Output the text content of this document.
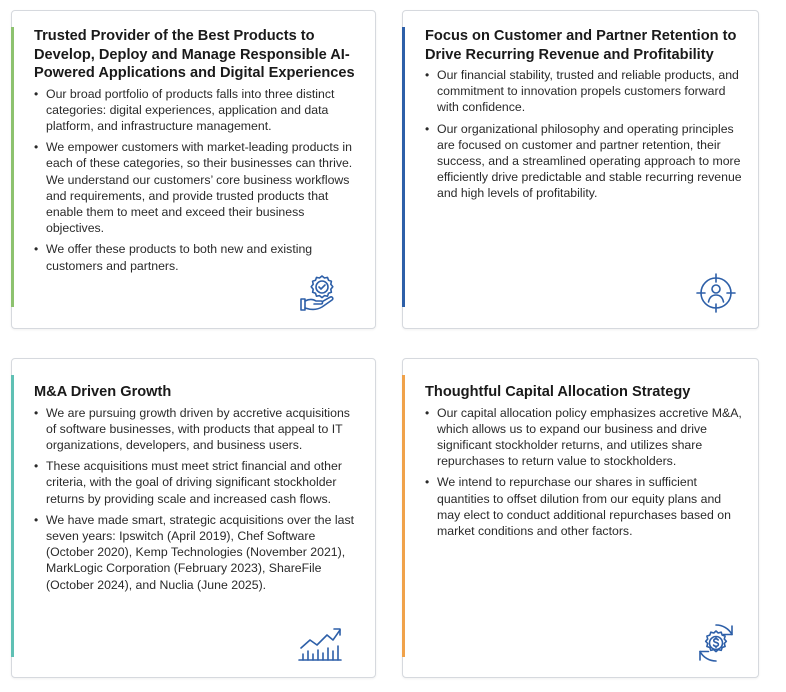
Trusted Provider of the Best Products to Develop, Deploy and Manage Responsible AI-Powered Applications and Digital Experiences
• Our broad portfolio of products falls into three distinct categories: digital experiences, application and data platform, and infrastructure management.
• We empower customers with market-leading products in each of these categories, so their businesses can thrive. We understand our customers’ core business workflows and requirements, and provide trusted products that enable them to meet and exceed their business objectives.
• We offer these products to both new and existing customers and partners.
Focus on Customer and Partner Retention to Drive Recurring Revenue and Profitability
• Our financial stability, trusted and reliable products, and commitment to innovation propels customers forward with confidence.
• Our organizational philosophy and operating principles are focused on customer and partner retention, their success, and a streamlined operating approach to more efficiently drive predictable and stable recurring revenue and high levels of profitability.
M&A Driven Growth
• We are pursuing growth driven by accretive acquisitions of software businesses, with products that appeal to IT organizations, developers, and business users.
• These acquisitions must meet strict financial and other criteria, with the goal of driving significant stockholder returns by providing scale and increased cash flows.
• We have made smart, strategic acquisitions over the last seven years: Ipswitch (April 2019), Chef Software (October 2020), Kemp Technologies (November 2021), MarkLogic Corporation (February 2023), ShareFile (October 2024), and Nuclia (June 2025).
Thoughtful Capital Allocation Strategy
• Our capital allocation policy emphasizes accretive M&A, which allows us to expand our business and drive significant stockholder returns, and utilizes share repurchases to return value to stockholders.
• We intend to repurchase our shares in sufficient quantities to offset dilution from our equity plans and may elect to conduct additional repurchases based on market conditions and other factors.
